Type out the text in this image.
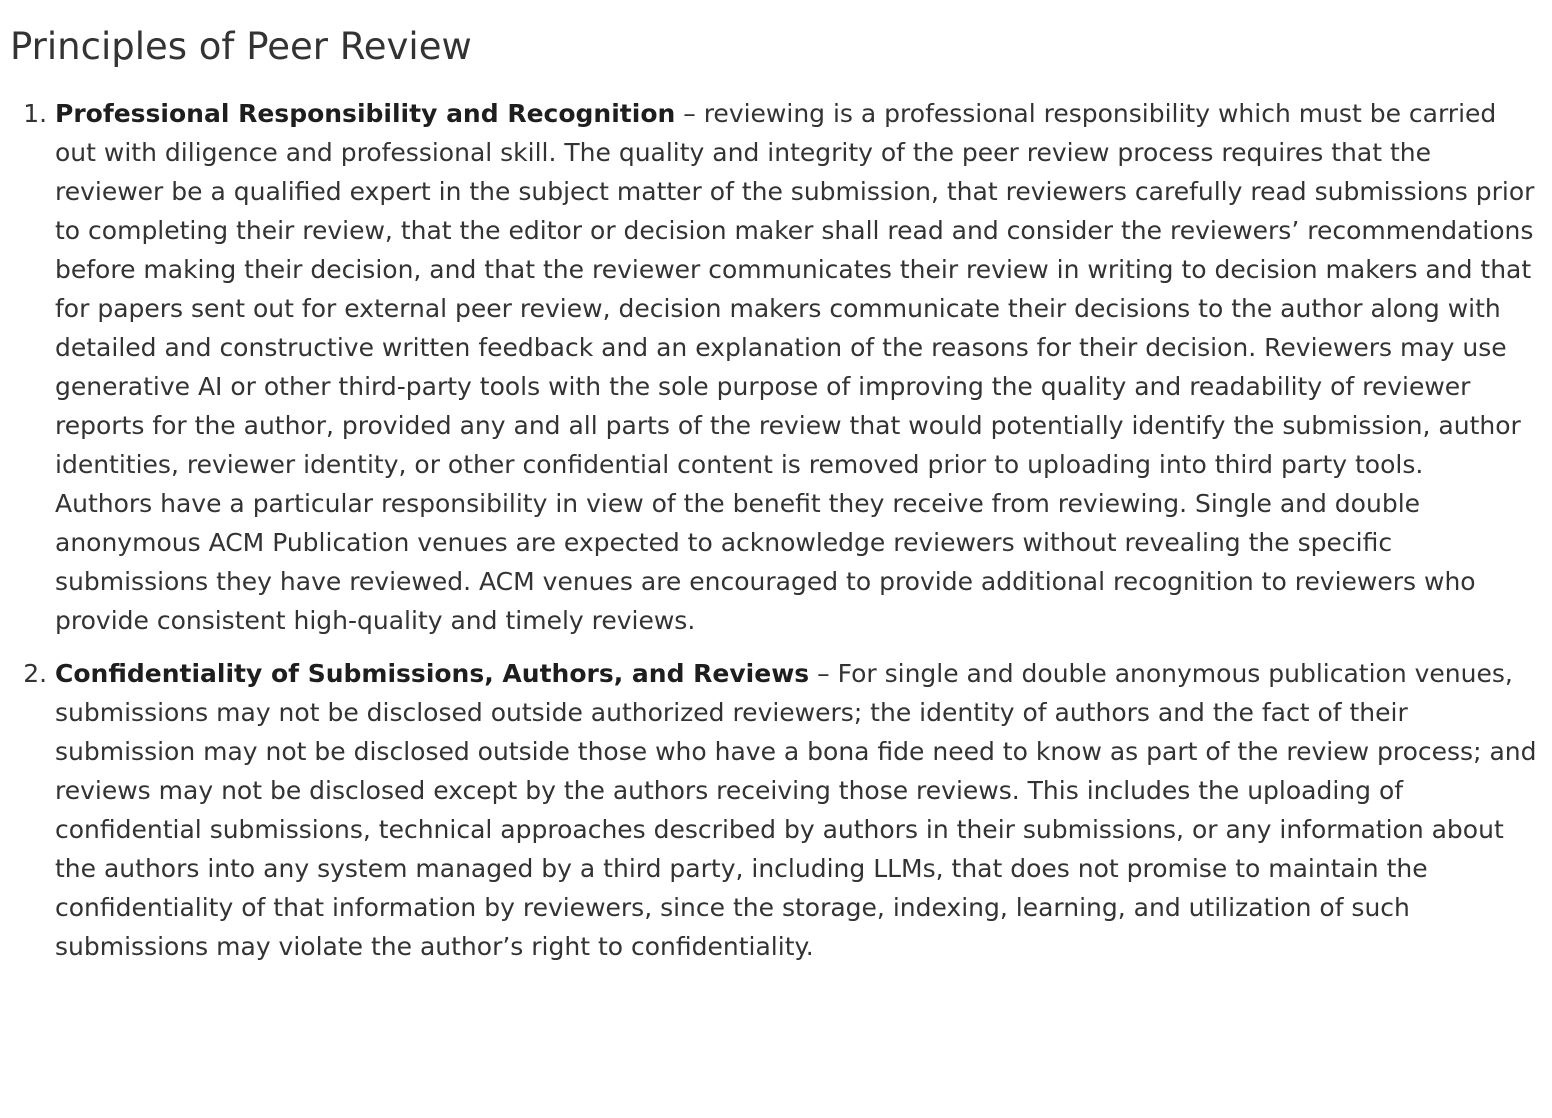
Principles of Peer Review
1. Professional Responsibility and Recognition – reviewing is a professional responsibility which must be carried out with diligence and professional skill. The quality and integrity of the peer review process requires that the reviewer be a qualified expert in the subject matter of the submission, that reviewers carefully read submissions prior to completing their review, that the editor or decision maker shall read and consider the reviewers’ recommendations before making their decision, and that the reviewer communicates their review in writing to decision makers and that for papers sent out for external peer review, decision makers communicate their decisions to the author along with detailed and constructive written feedback and an explanation of the reasons for their decision. Reviewers may use generative AI or other third-party tools with the sole purpose of improving the quality and readability of reviewer reports for the author, provided any and all parts of the review that would potentially identify the submission, author identities, reviewer identity, or other confidential content is removed prior to uploading into third party tools.
Authors have a particular responsibility in view of the benefit they receive from reviewing. Single and double anonymous ACM Publication venues are expected to acknowledge reviewers without revealing the specific submissions they have reviewed. ACM venues are encouraged to provide additional recognition to reviewers who provide consistent high-quality and timely reviews.
2. Confidentiality of Submissions, Authors, and Reviews – For single and double anonymous publication venues, submissions may not be disclosed outside authorized reviewers; the identity of authors and the fact of their submission may not be disclosed outside those who have a bona fide need to know as part of the review process; and reviews may not be disclosed except by the authors receiving those reviews. This includes the uploading of confidential submissions, technical approaches described by authors in their submissions, or any information about the authors into any system managed by a third party, including LLMs, that does not promise to maintain the confidentiality of that information by reviewers, since the storage, indexing, learning, and utilization of such submissions may violate the author’s right to confidentiality.
